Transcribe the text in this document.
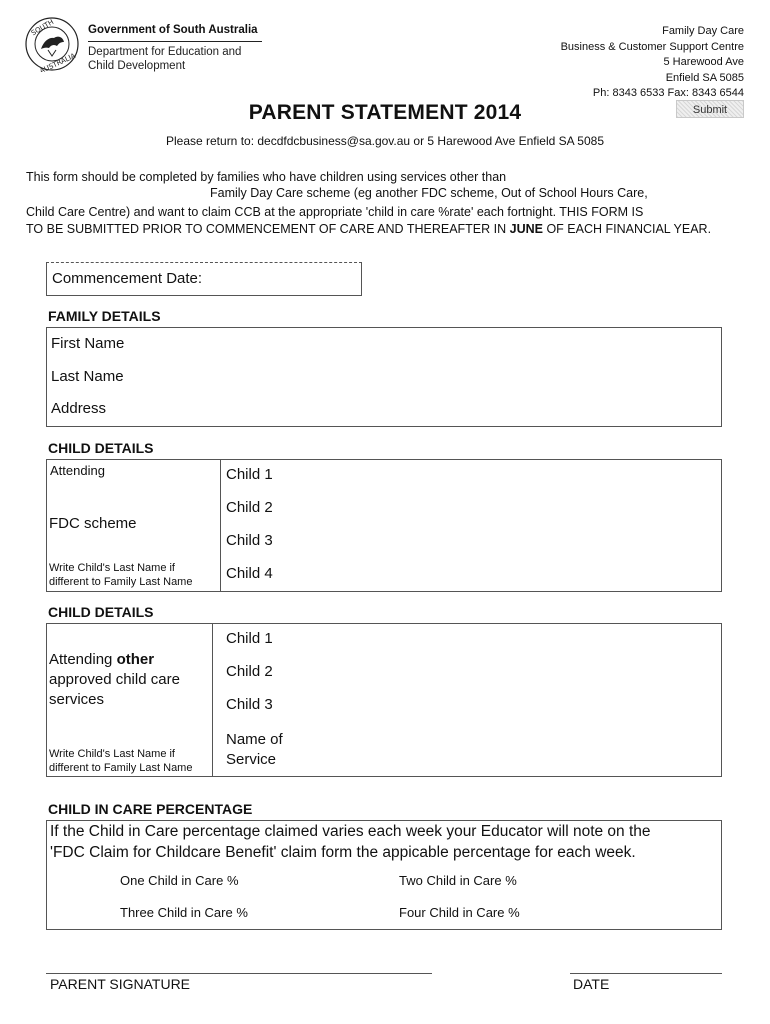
SOUTH
AUSTRALIA
Government of South Australia
Department for Education and
Child Development
Family Day Care
Business & Customer Support Centre
5 Harewood Ave
Enfield SA 5085
Ph: 8343 6533 Fax: 8343 6544
Submit
PARENT STATEMENT 2014
Please return to: decdfdcbusiness@sa.gov.au or 5 Harewood Ave Enfield SA 5085
This form should be completed by families who have children using services other than
Family Day Care scheme (eg another FDC scheme, Out of School Hours Care,
Child Care Centre) and want to claim CCB at the appropriate 'child in care %rate' each fortnight. THIS FORM IS
TO BE SUBMITTED PRIOR TO COMMENCEMENT OF CARE AND THEREAFTER IN JUNE OF EACH FINANCIAL YEAR.
Commencement Date:
FAMILY DETAILS
First Name
Last Name
Address
CHILD DETAILS
Attending
FDC scheme
Write Child's Last Name if
different to Family Last Name
Child 1
Child 2
Child 3
Child 4
CHILD DETAILS
Attending other
approved child care
services
Write Child's Last Name if
different to Family Last Name
Child 1
Child 2
Child 3
Name of
Service
CHILD IN CARE PERCENTAGE
If the Child in Care percentage claimed varies each week your Educator will note on the
'FDC Claim for Childcare Benefit' claim form the appicable percentage for each week.
One Child in Care %	Two Child in Care %
Three Child in Care %	Four Child in Care %
PARENT SIGNATURE	DATE
